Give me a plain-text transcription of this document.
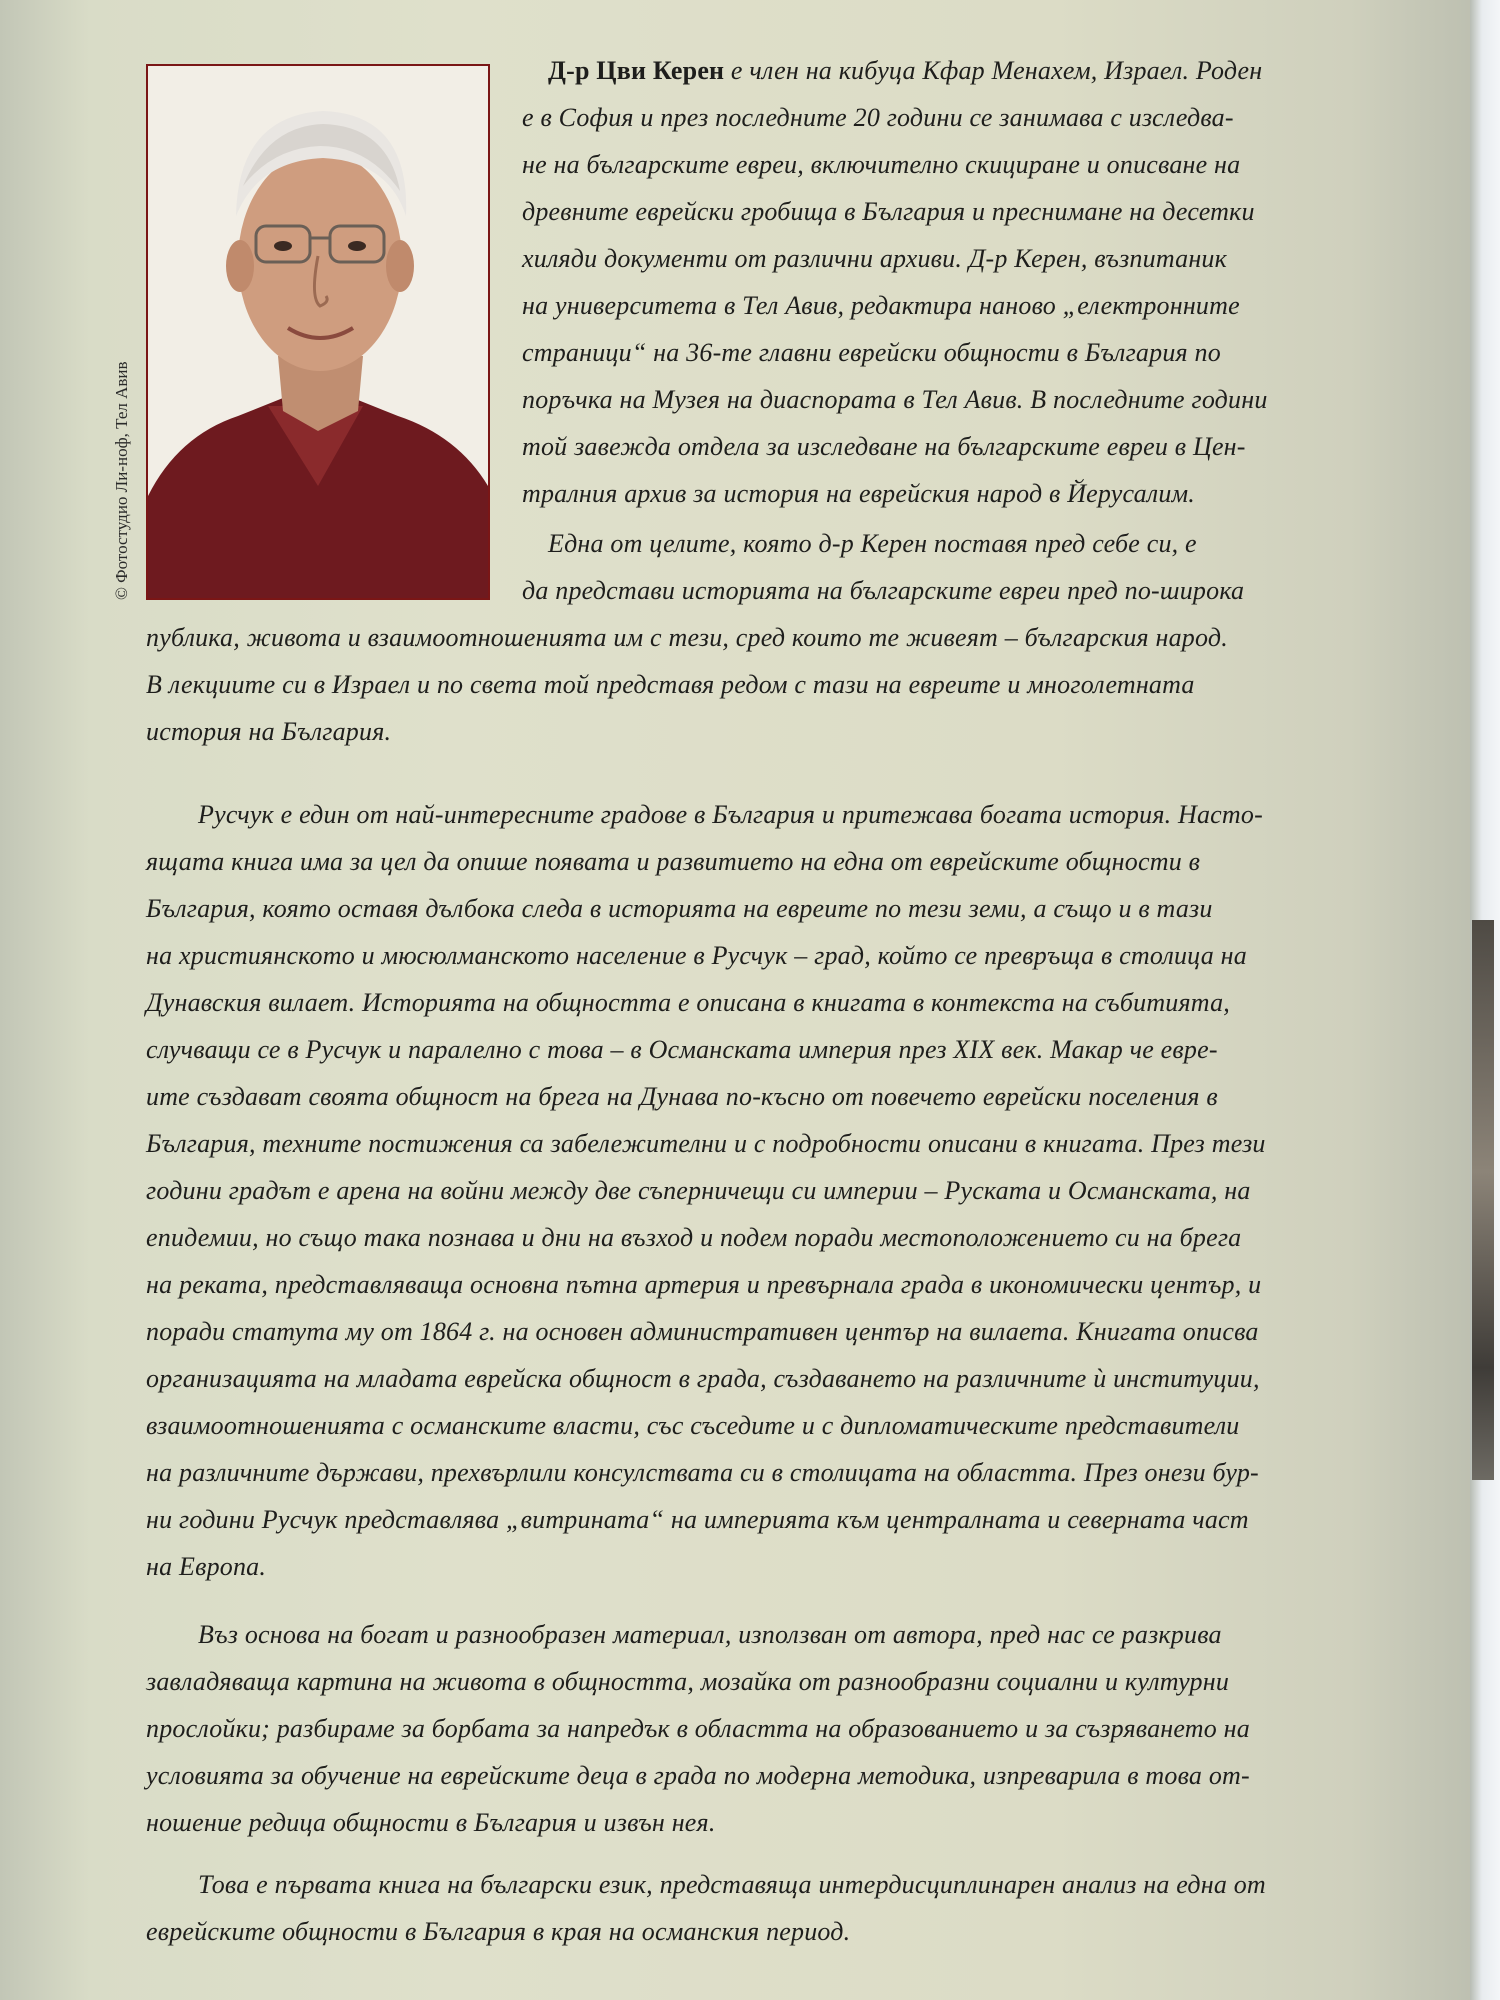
© Фотостудио Ли-ноф, Тел Авив
Д-р Цви Керен е член на кибуца Кфар Менахем, Израел. Роден
е в София и през последните 20 години се занимава с изследва-
не на българските евреи, включително скициране и описване на
древните еврейски гробища в България и преснимане на десетки
хиляди документи от различни архиви. Д-р Керен, възпитаник
на университета в Тел Авив, редактира наново „електронните
страници“ на 36-те главни еврейски общности в България по
поръчка на Музея на диаспората в Тел Авив. В последните години
той завежда отдела за изследване на българските евреи в Цен-
тралния архив за история на еврейския народ в Йерусалим.
Една от целите, която д-р Керен поставя пред себе си, е
да представи историята на българските евреи пред по-широка
публика, живота и взаимоотношенията им с тези, сред които те живеят – българския народ.
В лекциите си в Израел и по света той представя редом с тази на евреите и многолетната
история на България.
Русчук е един от най-интересните градове в България и притежава богата история. Насто-
ящата книга има за цел да опише появата и развитието на една от еврейските общности в
България, която оставя дълбока следа в историята на евреите по тези земи, а също и в тази
на християнското и мюсюлманското население в Русчук – град, който се превръща в столица на
Дунавския вилает. Историята на общността е описана в книгата в контекста на събитията,
случващи се в Русчук и паралелно с това – в Османската империя през XIX век. Макар че евре-
ите създават своята общност на брега на Дунава по-късно от повечето еврейски поселения в
България, техните постижения са забележителни и с подробности описани в книгата. През тези
години градът е арена на войни между две съперничещи си империи – Руската и Османската, на
епидемии, но също така познава и дни на възход и подем поради местоположението си на брега
на реката, представляваща основна пътна артерия и превърнала града в икономически център, и
поради статута му от 1864 г. на основен административен център на вилаета. Книгата описва
организацията на младата еврейска общност в града, създаването на различните ѝ институции,
взаимоотношенията с османските власти, със съседите и с дипломатическите представители
на различните държави, прехвърлили консулствата си в столицата на областта. През онези бур-
ни години Русчук представлява „витрината“ на империята към централната и северната част
на Европа.
Въз основа на богат и разнообразен материал, използван от автора, пред нас се разкрива
завладяваща картина на живота в общността, мозайка от разнообразни социални и културни
прослойки; разбираме за борбата за напредък в областта на образованието и за съзряването на
условията за обучение на еврейските деца в града по модерна методика, изпреварила в това от-
ношение редица общности в България и извън нея.
Това е първата книга на български език, представяща интердисциплинарен анализ на една от
еврейските общности в България в края на османския период.
